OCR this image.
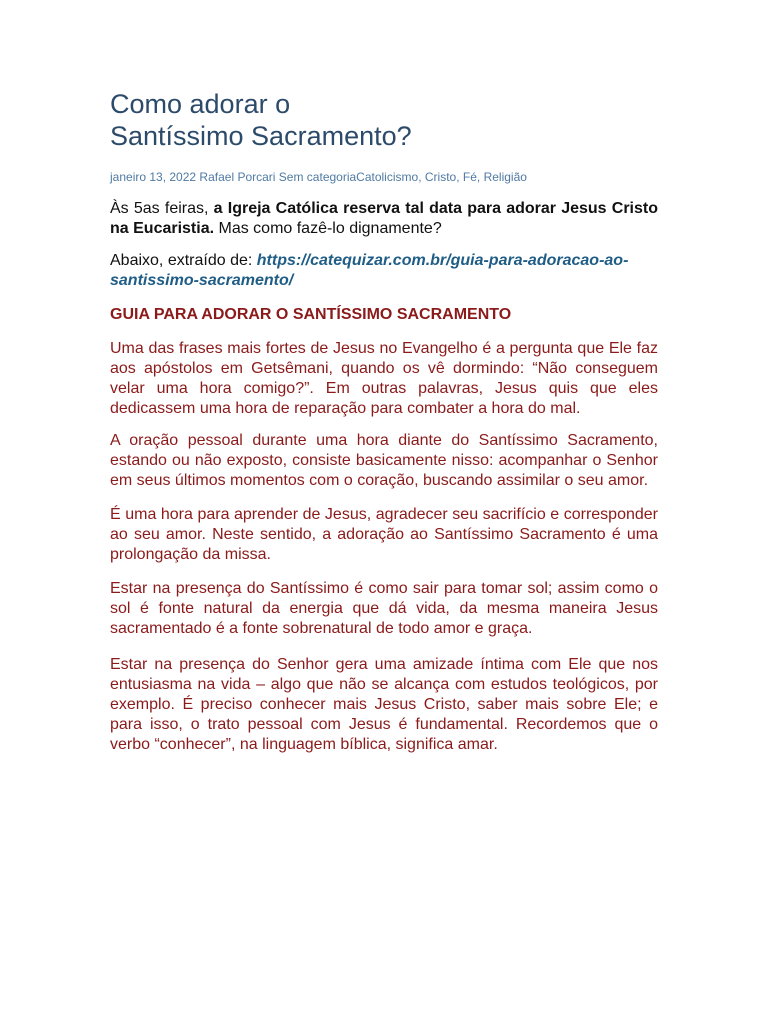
Como adorar o
Santíssimo Sacramento?
janeiro 13, 2022 Rafael Porcari Sem categoriaCatolicismo, Cristo, Fé, Religião

Às 5as feiras, a Igreja Católica reserva tal data para adorar Jesus Cristo na Eucaristia. Mas como fazê-lo dignamente?

Abaixo, extraído de: https://catequizar.com.br/guia-para-adoracao-ao-santissimo-sacramento/

GUIA PARA ADORAR O SANTÍSSIMO SACRAMENTO

Uma das frases mais fortes de Jesus no Evangelho é a pergunta que Ele faz aos apóstolos em Getsêmani, quando os vê dormindo: “Não conseguem velar uma hora comigo?”. Em outras palavras, Jesus quis que eles dedicassem uma hora de reparação para combater a hora do mal.

A oração pessoal durante uma hora diante do Santíssimo Sacramento, estando ou não exposto, consiste basicamente nisso: acompanhar o Senhor em seus últimos momentos com o coração, buscando assimilar o seu amor.

É uma hora para aprender de Jesus, agradecer seu sacrifício e corresponder ao seu amor. Neste sentido, a adoração ao Santíssimo Sacramento é uma prolongação da missa.

Estar na presença do Santíssimo é como sair para tomar sol; assim como o sol é fonte natural da energia que dá vida, da mesma maneira Jesus sacramentado é a fonte sobrenatural de todo amor e graça.

Estar na presença do Senhor gera uma amizade íntima com Ele que nos entusiasma na vida – algo que não se alcança com estudos teológicos, por exemplo. É preciso conhecer mais Jesus Cristo, saber mais sobre Ele; e para isso, o trato pessoal com Jesus é fundamental. Recordemos que o verbo “conhecer”, na linguagem bíblica, significa amar.
